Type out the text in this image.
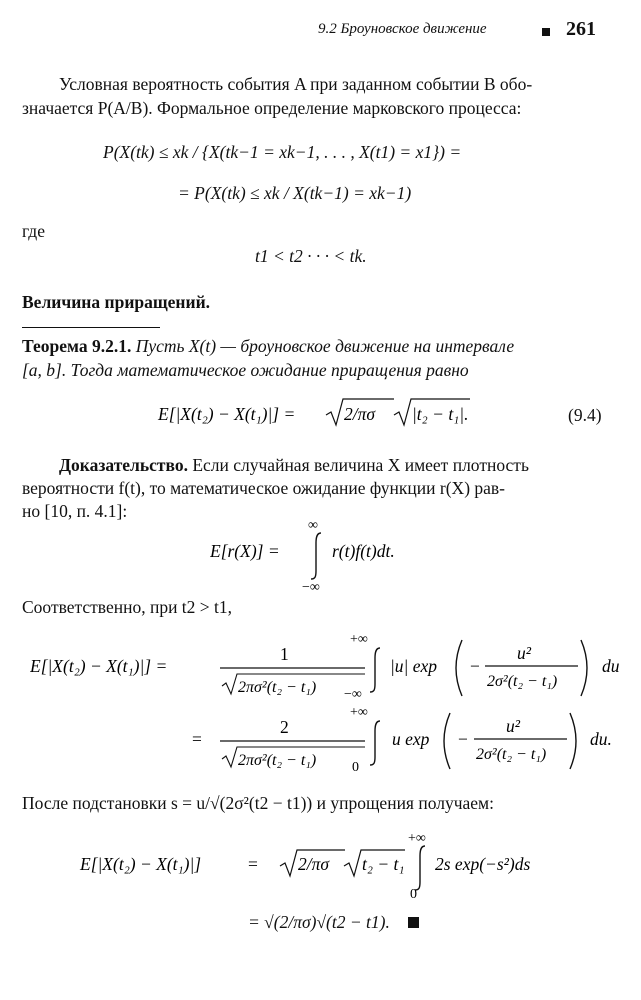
9.2 Броуновское движение	261
Условная вероятность события A при заданном событии B обо-
значается P(A/B). Формальное определение марковского процесса:
P(X(tk) ≤ xk / {X(tk−1 = xk−1, . . . , X(t1) = x1}) =
= P(X(tk) ≤ xk / X(tk−1) = xk−1)
где
t1 < t2 · · · < tk.
Величина приращений.
Теорема 9.2.1. Пусть X(t) — броуновское движение на интервале
[a, b]. Тогда математическое ожидание приращения равно
E[|X(t₂) − X(t₁)|] =	2/πσ |t₂ − t₁|.	(9.4)
Доказательство. Если случайная величина X имеет плотность
вероятности f(t), то математическое ожидание функции r(X) рав-
но [10, п. 4.1]:
E[r(X)] =
∞
−∞
r(t)f(t)dt.
Соответственно, при t2 > t1,
E[|X(t₂) − X(t₁)|] =
1
2πσ²(t₂ − t₁)
+∞
−∞
|u| exp −
u²
2σ²(t₂ − t₁)
du
=
2
2πσ²(t₂ − t₁)
+∞
0
u exp −
u²
2σ²(t₂ − t₁)
du.
После подстановки s = u/√(2σ²(t2 − t1)) и упрощения получаем:
E[|X(t₂) − X(t₁)|]	= 2/πσ t₂ − t₁
+∞
0
2s exp(−s²)ds
= √(2/πσ)√(t2 − t1).
